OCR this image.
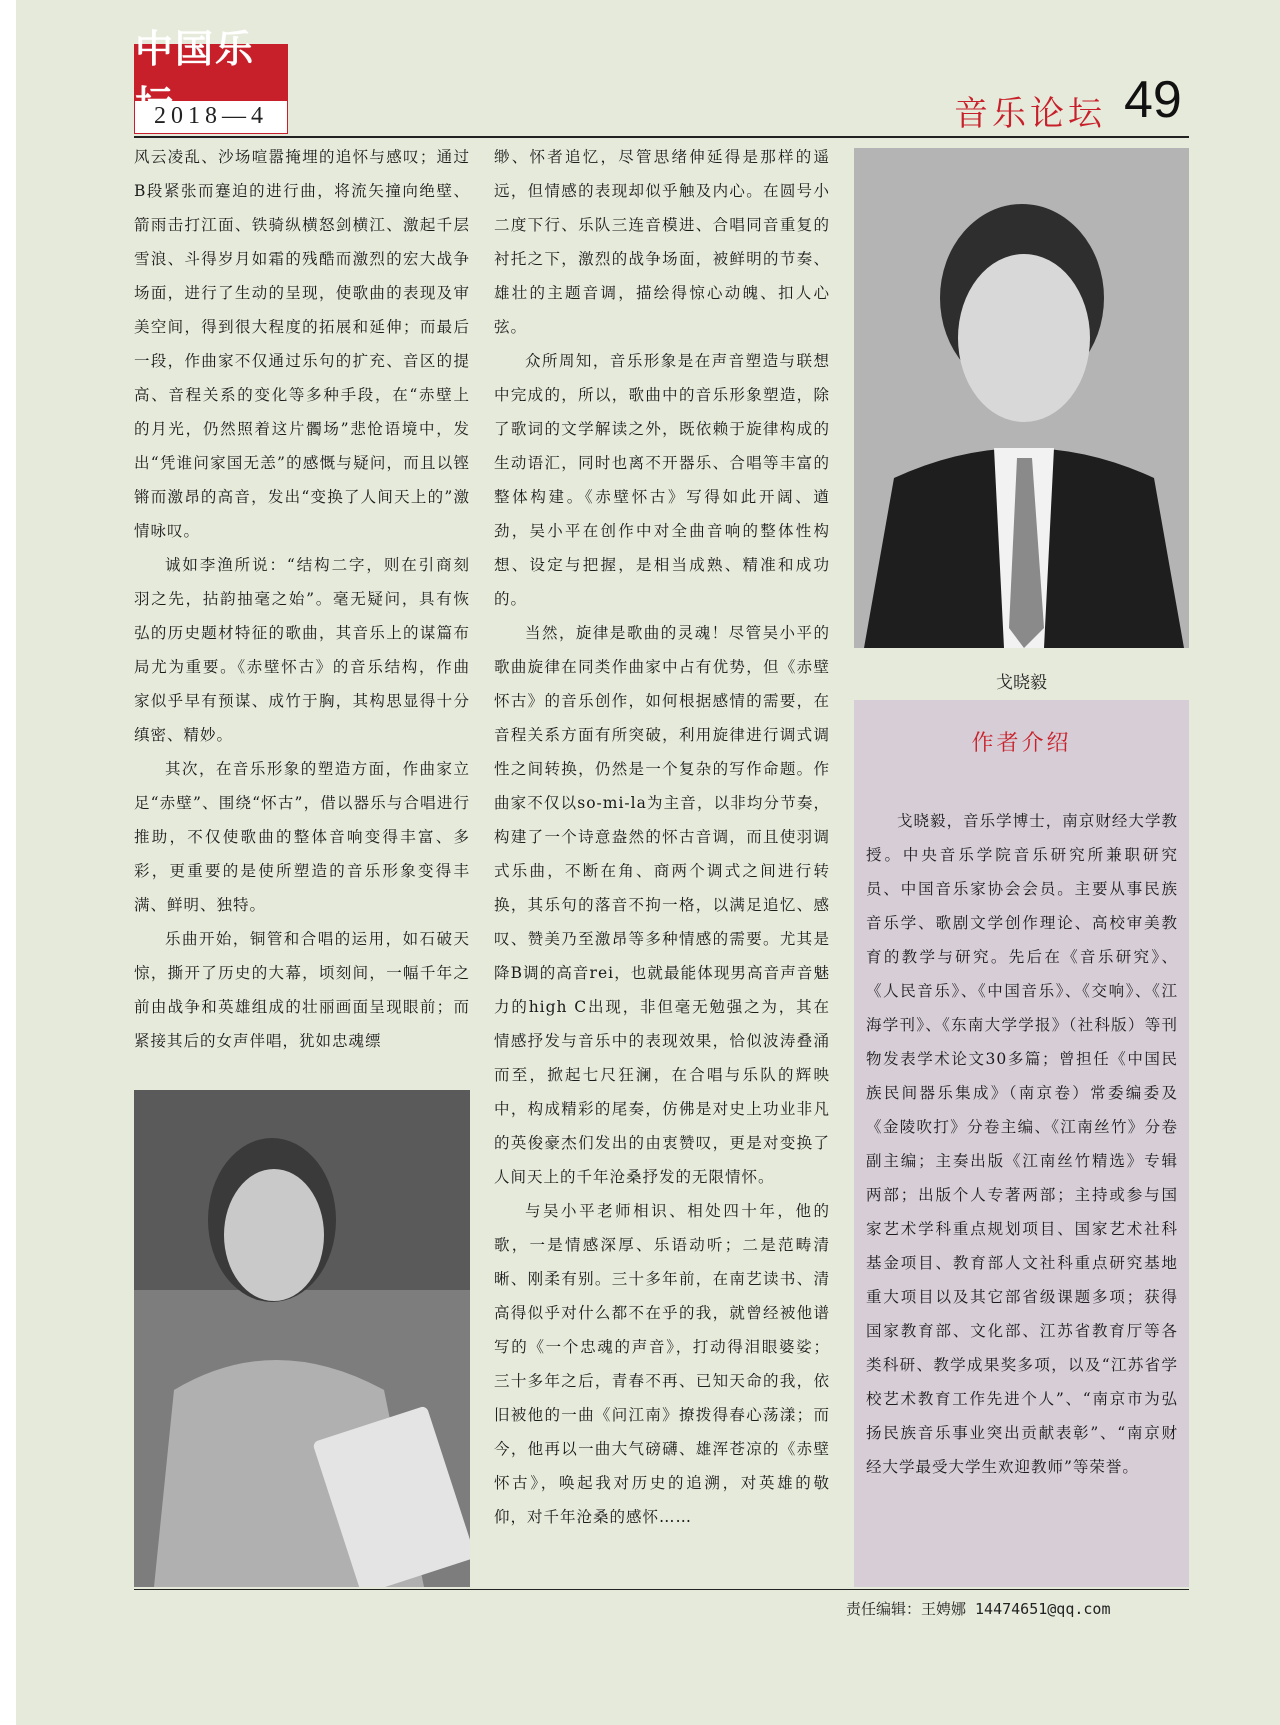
中国乐坛
2018—4	音乐论坛 49

风云凌乱、沙场喧嚣掩埋的追怀与感叹；通过B段紧张而蹇迫的进行曲，将流矢撞向绝壁、箭雨击打江面、铁骑纵横怒剑横江、激起千层雪浪、斗得岁月如霜的残酷而激烈的宏大战争场面，进行了生动的呈现，使歌曲的表现及审美空间，得到很大程度的拓展和延伸；而最后一段，作曲家不仅通过乐句的扩充、音区的提高、音程关系的变化等多种手段，在“赤壁上的月光，仍然照着这片髑场”悲怆语境中，发出“凭谁问家国无恙”的感慨与疑问，而且以铿锵而激昂的高音，发出“变换了人间天上的”激情咏叹。

诚如李渔所说：“结构二字，则在引商刻羽之先，拈韵抽毫之始”。毫无疑问，具有恢弘的历史题材特征的歌曲，其音乐上的谋篇布局尤为重要。《赤壁怀古》的音乐结构，作曲家似乎早有预谋、成竹于胸，其构思显得十分缜密、精妙。

其次，在音乐形象的塑造方面，作曲家立足“赤壁”、围绕“怀古”，借以器乐与合唱进行推助，不仅使歌曲的整体音响变得丰富、多彩，更重要的是使所塑造的音乐形象变得丰满、鲜明、独特。

乐曲开始，铜管和合唱的运用，如石破天惊，撕开了历史的大幕，顷刻间，一幅千年之前由战争和英雄组成的壮丽画面呈现眼前；而紧接其后的女声伴唱，犹如忠魂缥

缈、怀者追忆，尽管思绪伸延得是那样的遥远，但情感的表现却似乎触及内心。在圆号小二度下行、乐队三连音模进、合唱同音重复的衬托之下，激烈的战争场面，被鲜明的节奏、雄壮的主题音调，描绘得惊心动魄、扣人心弦。

众所周知，音乐形象是在声音塑造与联想中完成的，所以，歌曲中的音乐形象塑造，除了歌词的文学解读之外，既依赖于旋律构成的生动语汇，同时也离不开器乐、合唱等丰富的整体构建。《赤壁怀古》写得如此开阔、遒劲，吴小平在创作中对全曲音响的整体性构想、设定与把握，是相当成熟、精准和成功的。

当然，旋律是歌曲的灵魂！尽管吴小平的歌曲旋律在同类作曲家中占有优势，但《赤壁怀古》的音乐创作，如何根据感情的需要，在音程关系方面有所突破，利用旋律进行调式调性之间转换，仍然是一个复杂的写作命题。作曲家不仅以so-mi-la为主音，以非均分节奏，构建了一个诗意盎然的怀古音调，而且使羽调式乐曲，不断在角、商两个调式之间进行转换，其乐句的落音不拘一格，以满足追忆、感叹、赞美乃至激昂等多种情感的需要。尤其是降B调的高音rei，也就最能体现男高音声音魅力的high C出现，非但毫无勉强之为，其在情感抒发与音乐中的表现效果，恰似波涛叠涌而至，掀起七尺狂澜，在合唱与乐队的辉映中，构成精彩的尾奏，仿佛是对史上功业非凡的英俊豪杰们发出的由衷赞叹，更是对变换了人间天上的千年沧桑抒发的无限情怀。

与吴小平老师相识、相处四十年，他的歌，一是情感深厚、乐语动听；二是范畴清晰、刚柔有别。三十多年前，在南艺读书、清高得似乎对什么都不在乎的我，就曾经被他谱写的《一个忠魂的声音》，打动得泪眼婆娑；三十多年之后，青春不再、已知天命的我，依旧被他的一曲《问江南》撩拨得春心荡漾；而今，他再以一曲大气磅礴、雄浑苍凉的《赤壁怀古》，唤起我对历史的追溯，对英雄的敬仰，对千年沧桑的感怀……

戈晓毅
作者介绍

戈晓毅，音乐学博士，南京财经大学教授。中央音乐学院音乐研究所兼职研究员、中国音乐家协会会员。主要从事民族音乐学、歌剧文学创作理论、高校审美教育的教学与研究。先后在《音乐研究》、《人民音乐》、《中国音乐》、《交响》、《江海学刊》、《东南大学学报》（社科版）等刊物发表学术论文30多篇；曾担任《中国民族民间器乐集成》（南京卷）常委编委及《金陵吹打》分卷主编、《江南丝竹》分卷副主编；主奏出版《江南丝竹精选》专辑两部；出版个人专著两部；主持或参与国家艺术学科重点规划项目、国家艺术社科基金项目、教育部人文社科重点研究基地重大项目以及其它部省级课题多项；获得国家教育部、文化部、江苏省教育厅等各类科研、教学成果奖多项，以及“江苏省学校艺术教育工作先进个人”、“南京市为弘扬民族音乐事业突出贡献表彰”、“南京财经大学最受大学生欢迎教师”等荣誉。

责任编辑：王娉娜 14474651@qq.com
